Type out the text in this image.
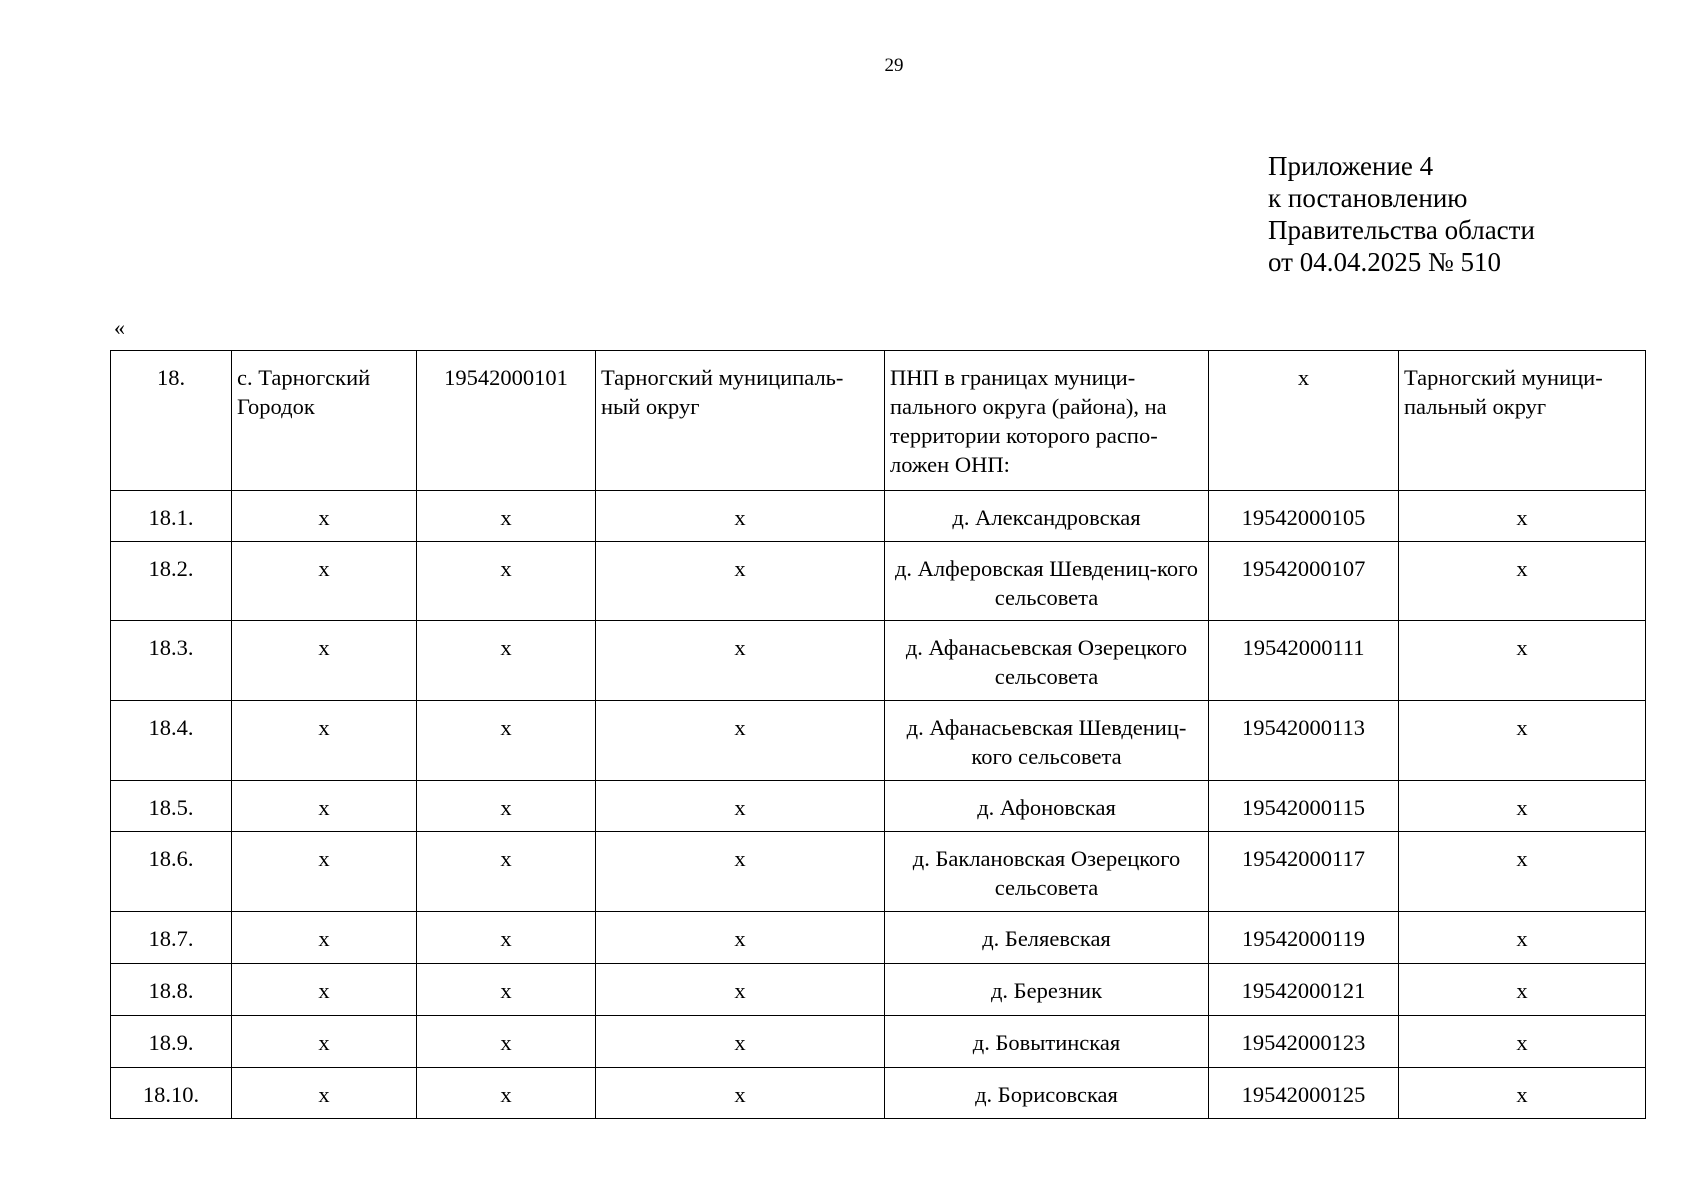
29
Приложение 4
к постановлению
Правительства области
от 04.04.2025 № 510
«
18.	с. Тарногский Городок	19542000101	Тарногский муниципаль-ный округ	ПНП в границах муници-пального округа (района), на территории которого распо-ложен ОНП:	х	Тарногский муници-пальный округ
18.1.	х	х	х	д. Александровская	19542000105	х
18.2.	х	х	х	д. Алферовская Шевдениц-кого сельсовета	19542000107	х
18.3.	х	х	х	д. Афанасьевская Озерецкого сельсовета	19542000111	х
18.4.	х	х	х	д. Афанасьевская Шевдениц-кого сельсовета	19542000113	х
18.5.	х	х	х	д. Афоновская	19542000115	х
18.6.	х	х	х	д. Баклановская Озерецкого сельсовета	19542000117	х
18.7.	х	х	х	д. Беляевская	19542000119	х
18.8.	х	х	х	д. Березник	19542000121	х
18.9.	х	х	х	д. Бовытинская	19542000123	х
18.10.	х	х	х	д. Борисовская	19542000125	х
